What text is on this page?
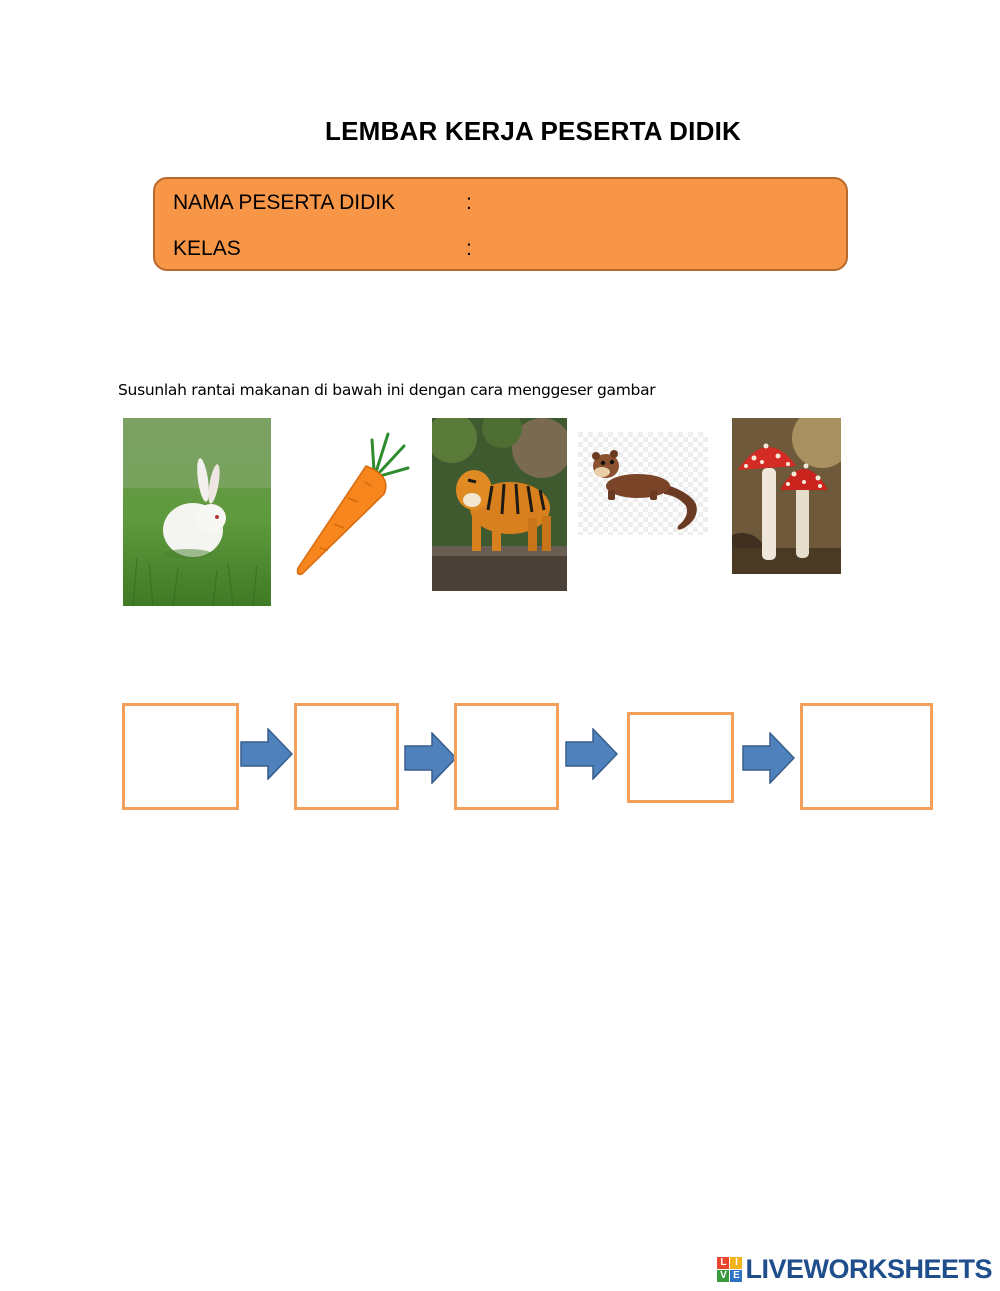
LEMBAR KERJA PESERTA DIDIK
NAMA PESERTA DIDIK	:
KELAS	:
Susunlah rantai makanan di bawah ini dengan cara menggeser gambar
L I
V E LIVEWORKSHEETS
